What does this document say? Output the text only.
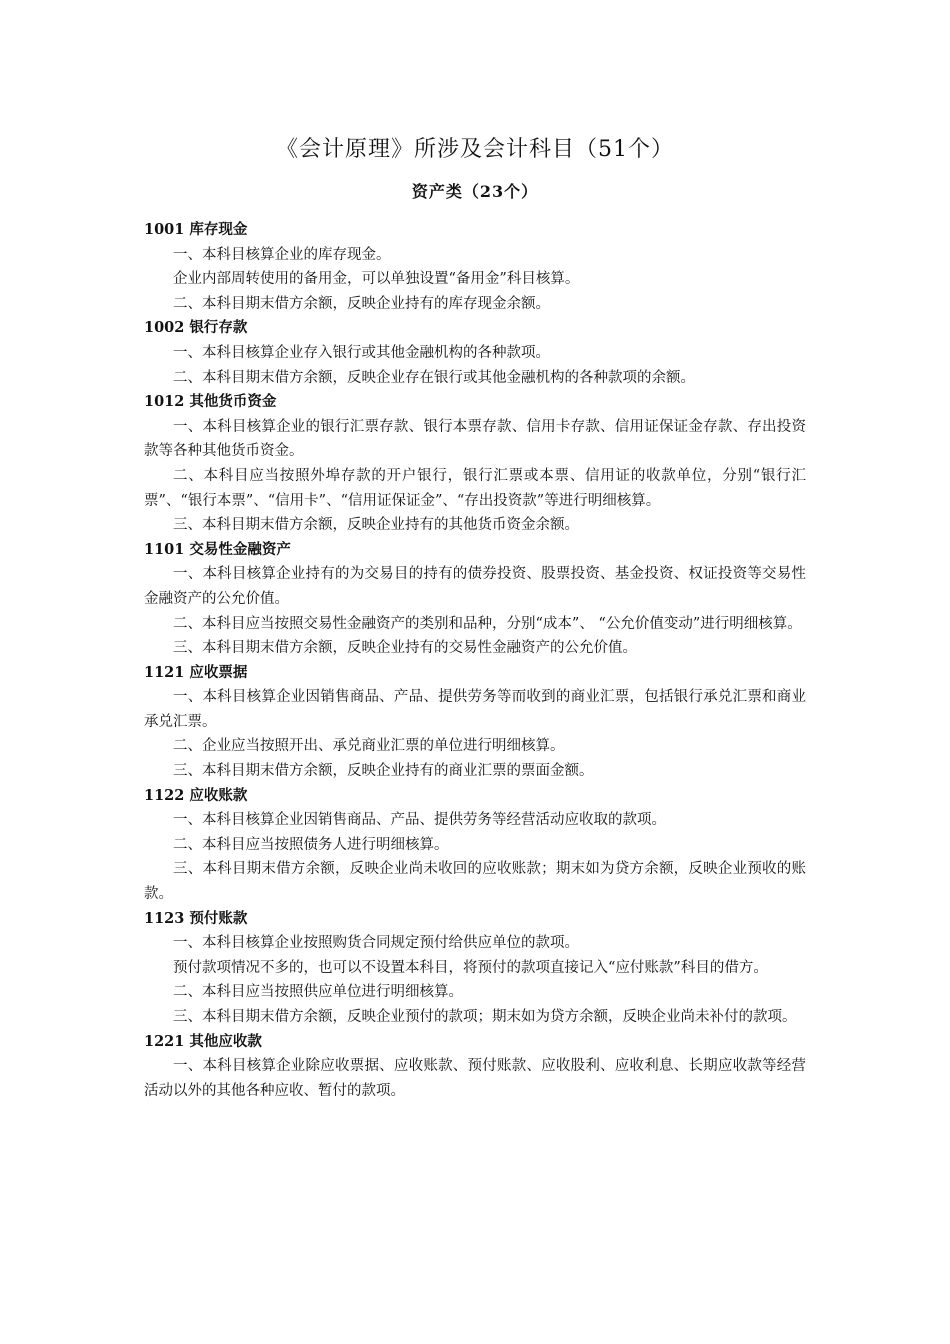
《会计原理》所涉及会计科目（51个）
资产类（23个）

1001 库存现金

一、本科目核算企业的库存现金。

企业内部周转使用的备用金，可以单独设置“备用金”科目核算。

二、本科目期末借方余额，反映企业持有的库存现金余额。

1002 银行存款

一、本科目核算企业存入银行或其他金融机构的各种款项。

二、本科目期末借方余额，反映企业存在银行或其他金融机构的各种款项的余额。

1012 其他货币资金

一、本科目核算企业的银行汇票存款、银行本票存款、信用卡存款、信用证保证金存款、存出投资款等各种其他货币资金。

二、本科目应当按照外埠存款的开户银行，银行汇票或本票、信用证的收款单位，分别“银行汇票”、“银行本票”、“信用卡”、“信用证保证金”、“存出投资款”等进行明细核算。

三、本科目期末借方余额，反映企业持有的其他货币资金余额。

1101 交易性金融资产

一、本科目核算企业持有的为交易目的持有的债券投资、股票投资、基金投资、权证投资等交易性金融资产的公允价值。

二、本科目应当按照交易性金融资产的类别和品种，分别“成本”、 “公允价值变动”进行明细核算。

三、本科目期末借方余额，反映企业持有的交易性金融资产的公允价值。

1121 应收票据

一、本科目核算企业因销售商品、产品、提供劳务等而收到的商业汇票，包括银行承兑汇票和商业承兑汇票。

二、企业应当按照开出、承兑商业汇票的单位进行明细核算。

三、本科目期末借方余额，反映企业持有的商业汇票的票面金额。

1122 应收账款

一、本科目核算企业因销售商品、产品、提供劳务等经营活动应收取的款项。

二、本科目应当按照债务人进行明细核算。

三、本科目期末借方余额，反映企业尚未收回的应收账款；期末如为贷方余额，反映企业预收的账款。

1123 预付账款

一、本科目核算企业按照购货合同规定预付给供应单位的款项。

预付款项情况不多的，也可以不设置本科目，将预付的款项直接记入“应付账款”科目的借方。

二、本科目应当按照供应单位进行明细核算。

三、本科目期末借方余额，反映企业预付的款项；期末如为贷方余额，反映企业尚未补付的款项。

1221 其他应收款

一、本科目核算企业除应收票据、应收账款、预付账款、应收股利、应收利息、长期应收款等经营活动以外的其他各种应收、暂付的款项。
